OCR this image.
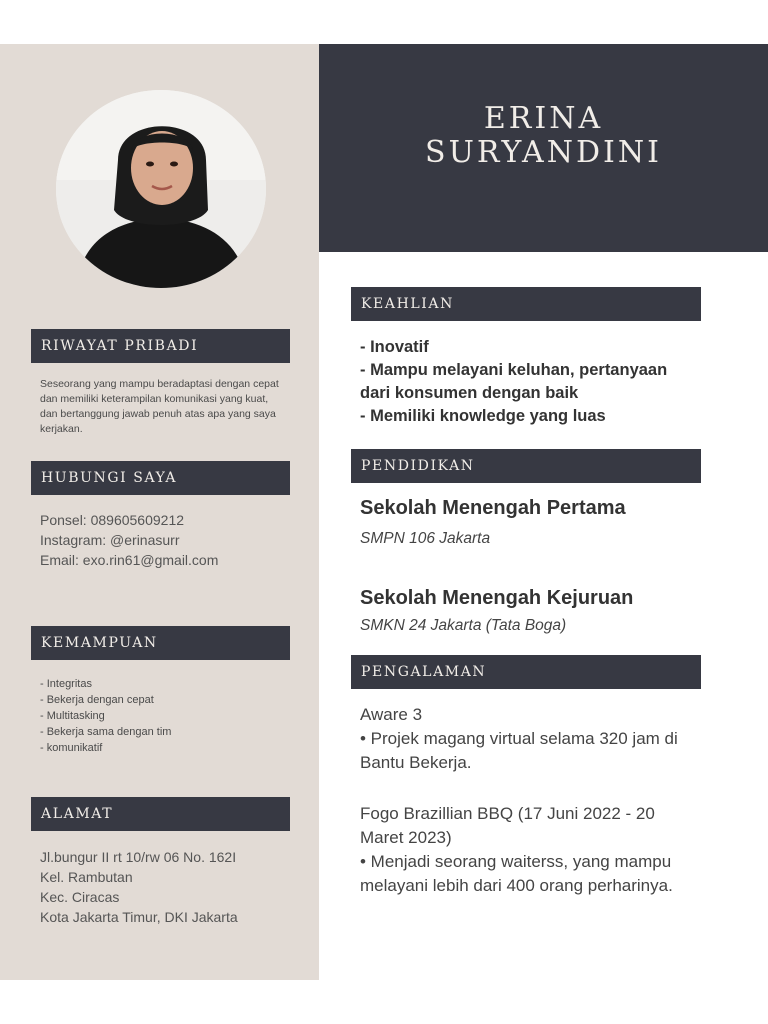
RIWAYAT PRIBADI

Seseorang yang mampu beradaptasi dengan cepat dan memiliki keterampilan komunikasi yang kuat, dan bertanggung jawab penuh atas apa yang saya kerjakan.

HUBUNGI SAYA
Ponsel: 089605609212
Instagram: @erinasurr
Email: exo.rin61@gmail.com
KEMAMPUAN
- Integritas
- Bekerja dengan cepat
- Multitasking
- Bekerja sama dengan tim
- komunikatif
ALAMAT
Jl.bungur II rt 10/rw 06 No. 162I
Kel. Rambutan
Kec. Ciracas
Kota Jakarta Timur, DKI Jakarta
ERINA
SURYANDINI
KEAHLIAN
- Inovatif
- Mampu melayani keluhan, pertanyaan dari konsumen dengan baik
- Memiliki knowledge yang luas
PENDIDIKAN
Sekolah Menengah Pertama
SMPN 106 Jakarta
Sekolah Menengah Kejuruan
SMKN 24 Jakarta (Tata Boga)
PENGALAMAN
Aware 3
• Projek magang virtual selama 320 jam di Bantu Bekerja.
Fogo Brazillian BBQ (17 Juni 2022 - 20 Maret 2023)
• Menjadi seorang waiterss, yang mampu melayani lebih dari 400 orang perharinya.
